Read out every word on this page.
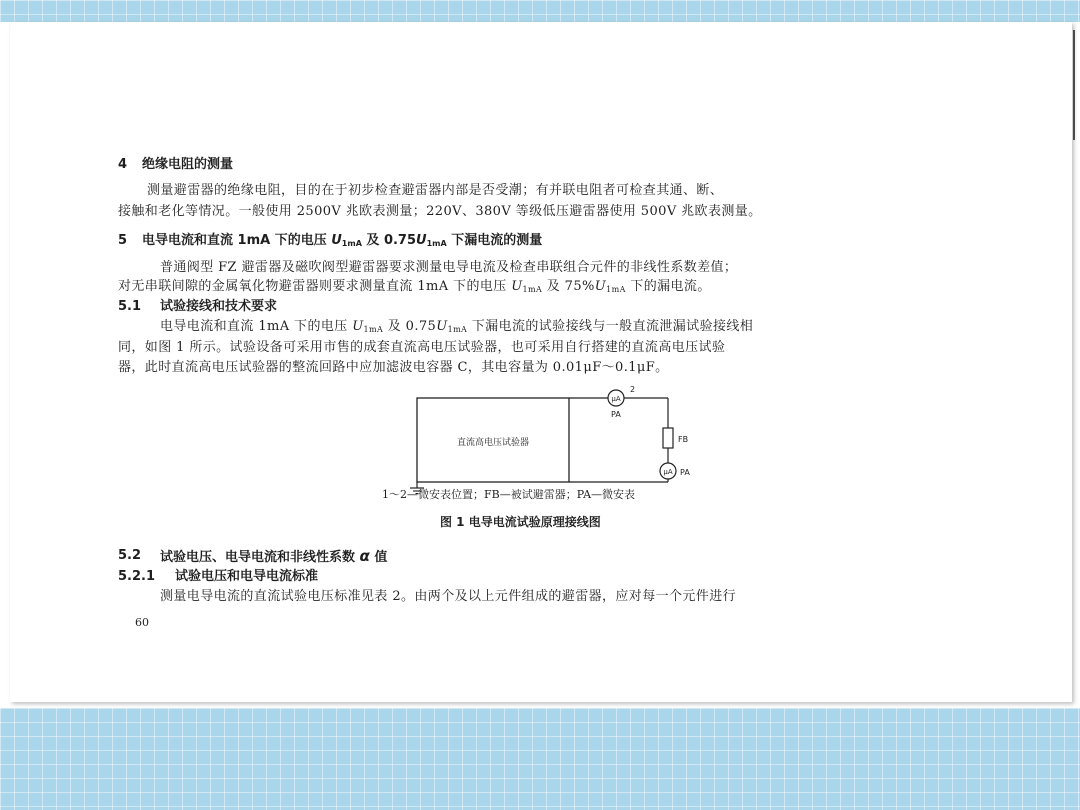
4 绝缘电阻的测量
测量避雷器的绝缘电阻，目的在于初步检查避雷器内部是否受潮；有并联电阻者可检查其通、断、
接触和老化等情况。一般使用 2500V 兆欧表测量；220V、380V 等级低压避雷器使用 500V 兆欧表测量。
5 电导电流和直流 1mA 下的电压 $U_{1mA}$ 及 $0.75U_{1mA}$ 下漏电流的测量
普通阀型 FZ 避雷器及磁吹阀型避雷器要求测量电导电流及检查串联组合元件的非线性系数差值；
对无串联间隙的金属氧化物避雷器则要求测量直流 1mA 下的电压 $U_{1mA}$ 及 $75\%U_{1mA}$ 下的漏电流。
5.1 试验接线和技术要求
电导电流和直流 1mA 下的电压 $U_{1mA}$ 及 $0.75U_{1mA}$ 下漏电流的试验接线与一般直流泄漏试验接线相
同，如图 1 所示。试验设备可采用市售的成套直流高电压试验器，也可采用自行搭建的直流高电压试验
器，此时直流高电压试验器的整流回路中应加滤波电容器 C，其电容量为 0.01μF～0.1μF。
直流高电压试验器
μA
2
PA
FB
μA PA
1～2—微安表位置；FB—被试避雷器；PA—微安表
图 1 电导电流试验原理接线图
5.2 试验电压、电导电流和非线性系数 α 值
5.2.1 试验电压和电导电流标准
测量电导电流的直流试验电压标准见表 2。由两个及以上元件组成的避雷器，应对每一个元件进行
60
